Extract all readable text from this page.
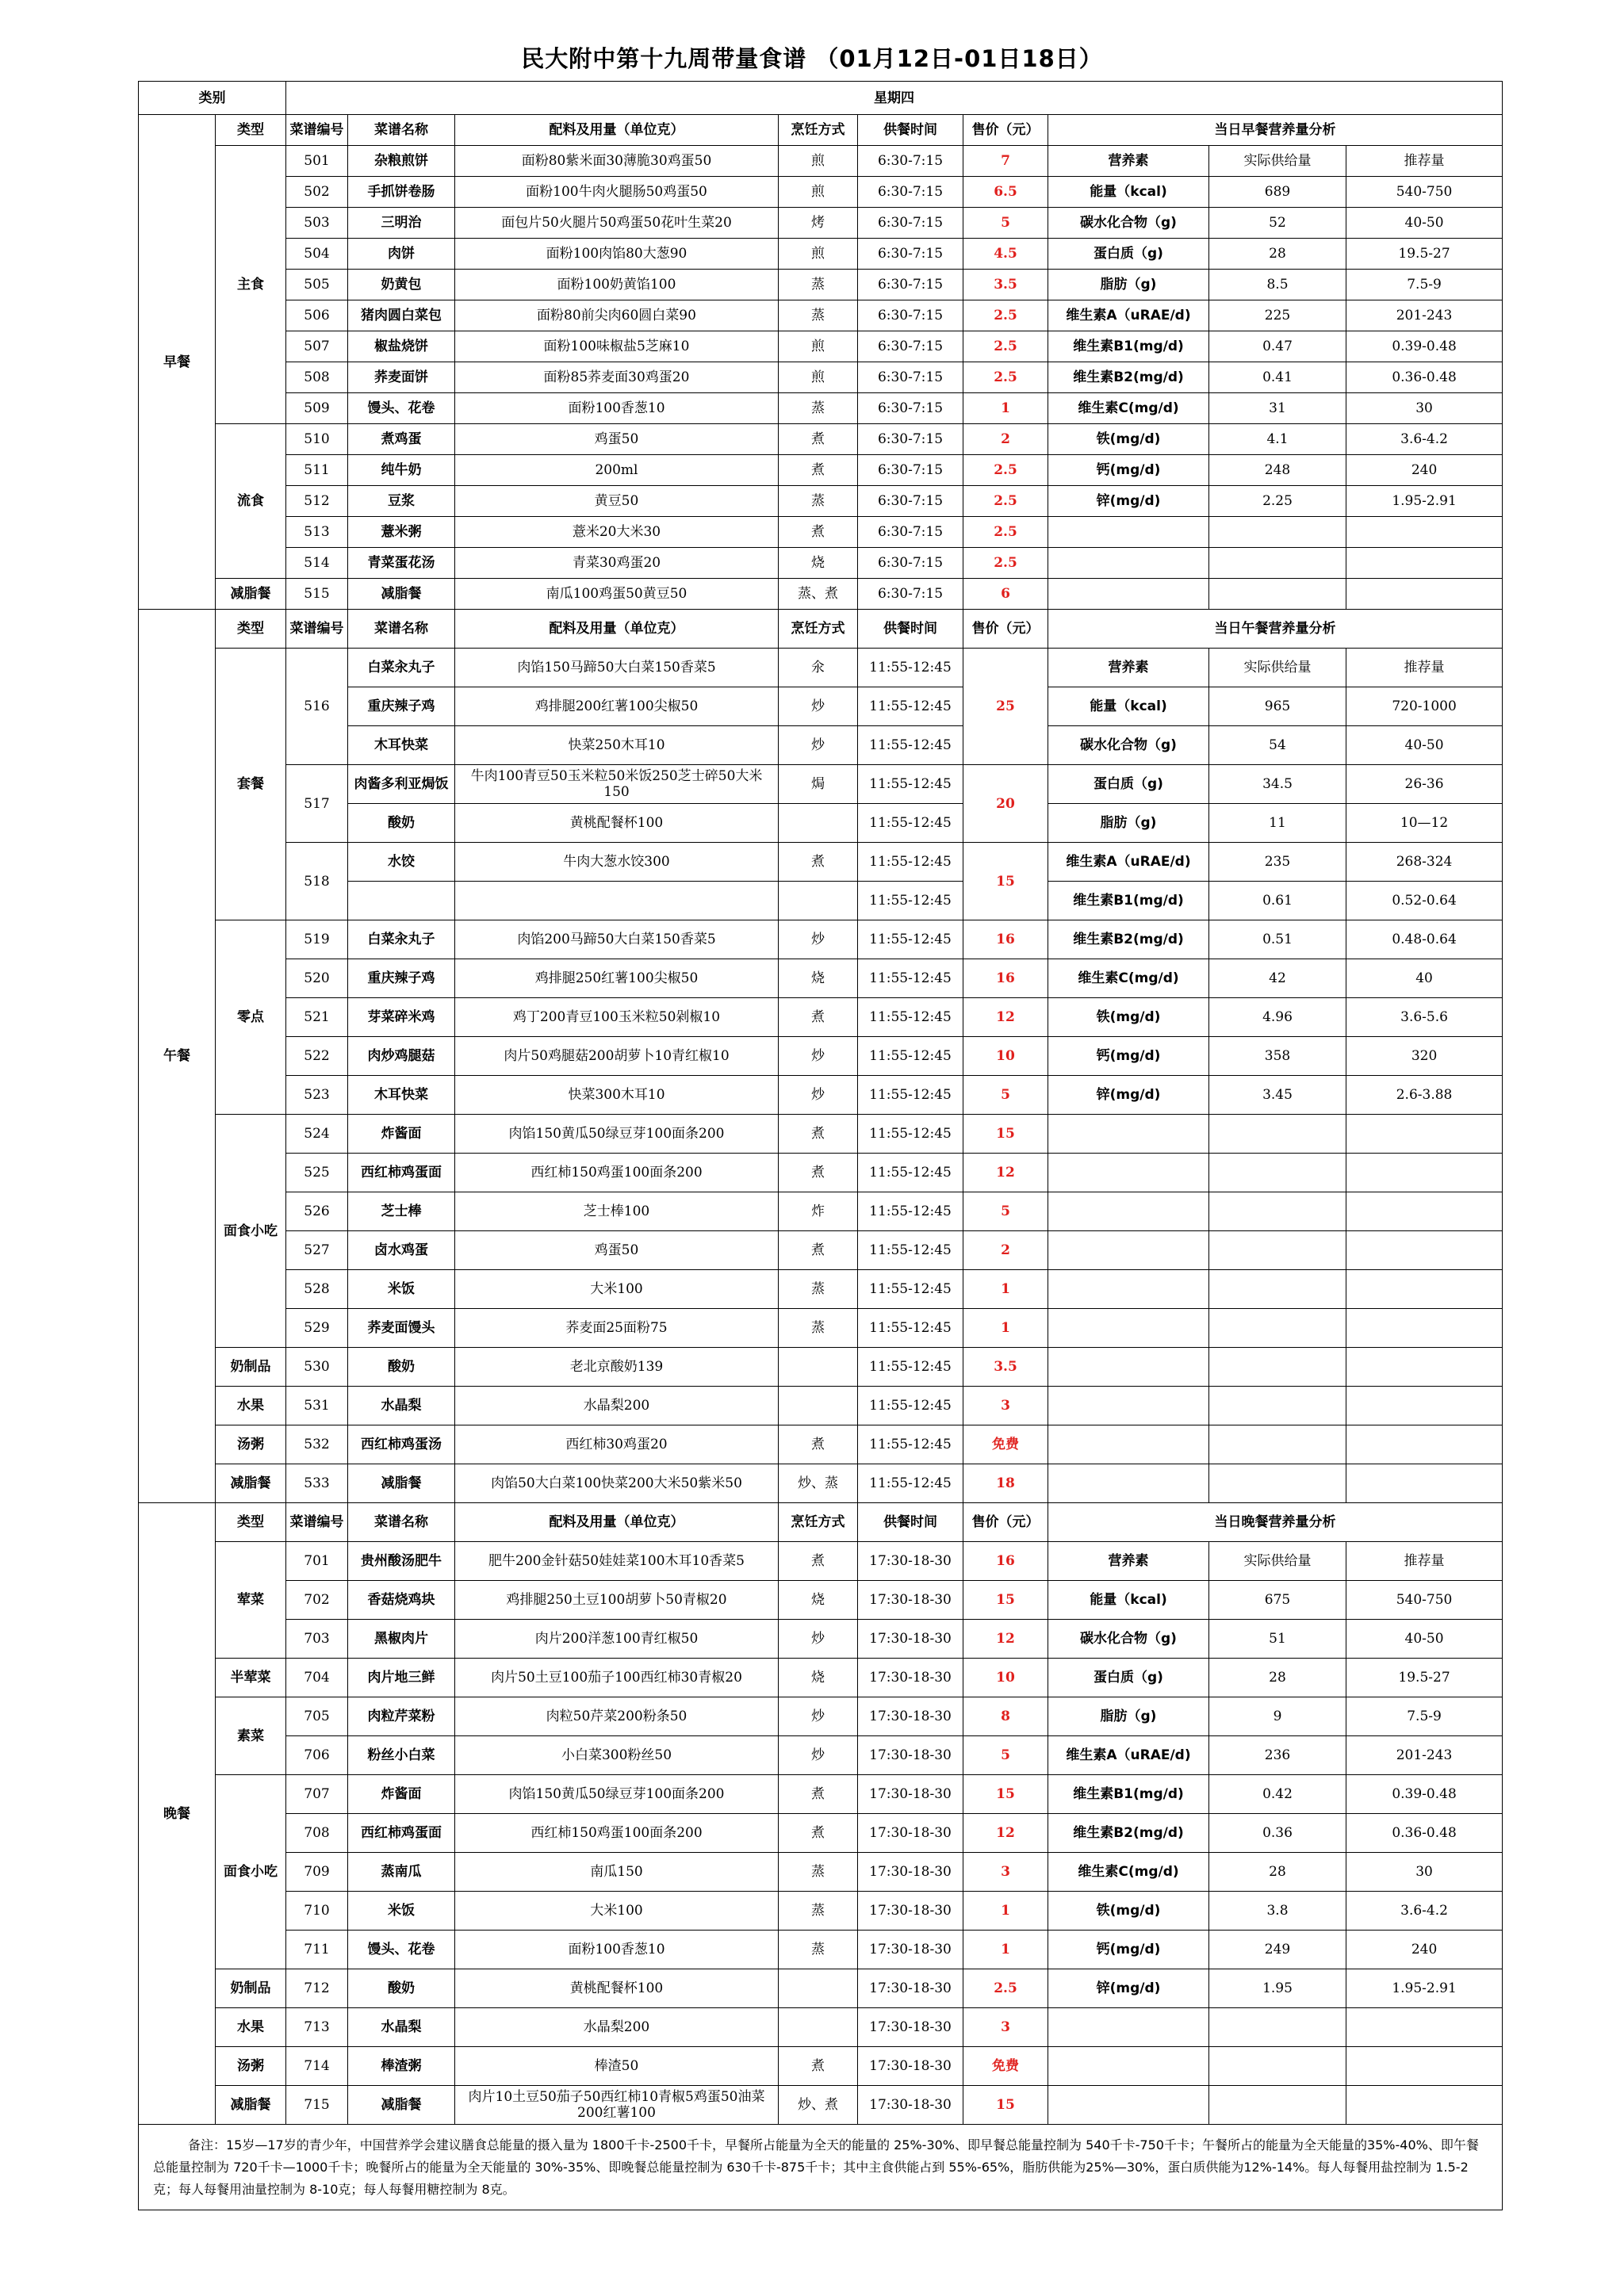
民大附中第十九周带量食谱 （01月12日-01日18日）
类别		星期四								
早餐	类型	菜谱编号	菜谱名称	配料及用量（单位克）	烹饪方式	供餐时间	售价（元）	当日早餐营养量分析		
	主食	501	杂粮煎饼	面粉80紫米面30薄脆30鸡蛋50	煎	6:30-7:15	7	营养素	实际供给量	推荐量
		502	手抓饼卷肠	面粉100牛肉火腿肠50鸡蛋50	煎	6:30-7:15	6.5	能量（kcal)	689	540-750
		503	三明治	面包片50火腿片50鸡蛋50花叶生菜20	烤	6:30-7:15	5	碳水化合物（g)	52	40-50
		504	肉饼	面粉100肉馅80大葱90	煎	6:30-7:15	4.5	蛋白质（g)	28	19.5-27
		505	奶黄包	面粉100奶黄馅100	蒸	6:30-7:15	3.5	脂肪（g)	8.5	7.5-9
		506	猪肉圆白菜包	面粉80前尖肉60圆白菜90	蒸	6:30-7:15	2.5	维生素A（uRAE/d)	225	201-243
		507	椒盐烧饼	面粉100味椒盐5芝麻10	煎	6:30-7:15	2.5	维生素B1(mg/d)	0.47	0.39-0.48
		508	荞麦面饼	面粉85荞麦面30鸡蛋20	煎	6:30-7:15	2.5	维生素B2(mg/d)	0.41	0.36-0.48
		509	馒头、花卷	面粉100香葱10	蒸	6:30-7:15	1	维生素C(mg/d)	31	30
	流食	510	煮鸡蛋	鸡蛋50	煮	6:30-7:15	2	铁(mg/d)	4.1	3.6-4.2
		511	纯牛奶	200ml	煮	6:30-7:15	2.5	钙(mg/d)	248	240
		512	豆浆	黄豆50	蒸	6:30-7:15	2.5	锌(mg/d)	2.25	1.95-2.91
		513	薏米粥	薏米20大米30	煮	6:30-7:15	2.5			
		514	青菜蛋花汤	青菜30鸡蛋20	烧	6:30-7:15	2.5			
	减脂餐	515	减脂餐	南瓜100鸡蛋50黄豆50	蒸、煮	6:30-7:15	6			
午餐	类型	菜谱编号	菜谱名称	配料及用量（单位克）	烹饪方式	供餐时间	售价（元）	当日午餐营养量分析		
	套餐	516	白菜汆丸子	肉馅150马蹄50大白菜150香菜5	氽	11:55-12:45	25	营养素	实际供给量	推荐量
			重庆辣子鸡	鸡排腿200红薯100尖椒50	炒	11:55-12:45		能量（kcal)	965	720-1000
			木耳快菜	快菜250木耳10	炒	11:55-12:45		碳水化合物（g)	54	40-50
		517	肉酱多利亚焗饭	牛肉100青豆50玉米粒50米饭250芝士碎50大米150	焗	11:55-12:45	20	蛋白质（g)	34.5	26-36
			酸奶	黄桃配餐杯100		11:55-12:45		脂肪（g)	11	10—12
		518	水饺	牛肉大葱水饺300	煮	11:55-12:45	15	维生素A（uRAE/d)	235	268-324
						11:55-12:45		维生素B1(mg/d)	0.61	0.52-0.64
	零点	519	白菜汆丸子	肉馅200马蹄50大白菜150香菜5	炒	11:55-12:45	16	维生素B2(mg/d)	0.51	0.48-0.64
		520	重庆辣子鸡	鸡排腿250红薯100尖椒50	烧	11:55-12:45	16	维生素C(mg/d)	42	40
		521	芽菜碎米鸡	鸡丁200青豆100玉米粒50剁椒10	煮	11:55-12:45	12	铁(mg/d)	4.96	3.6-5.6
		522	肉炒鸡腿菇	肉片50鸡腿菇200胡萝卜10青红椒10	炒	11:55-12:45	10	钙(mg/d)	358	320
		523	木耳快菜	快菜300木耳10	炒	11:55-12:45	5	锌(mg/d)	3.45	2.6-3.88
	面食小吃	524	炸酱面	肉馅150黄瓜50绿豆芽100面条200	煮	11:55-12:45	15			
		525	西红柿鸡蛋面	西红柿150鸡蛋100面条200	煮	11:55-12:45	12			
		526	芝士棒	芝士棒100	炸	11:55-12:45	5			
		527	卤水鸡蛋	鸡蛋50	煮	11:55-12:45	2			
		528	米饭	大米100	蒸	11:55-12:45	1			
		529	荞麦面馒头	荞麦面25面粉75	蒸	11:55-12:45	1			
	奶制品	530	酸奶	老北京酸奶139		11:55-12:45	3.5			
	水果	531	水晶梨	水晶梨200		11:55-12:45	3			
	汤粥	532	西红柿鸡蛋汤	西红柿30鸡蛋20	煮	11:55-12:45	免费			
	减脂餐	533	减脂餐	肉馅50大白菜100快菜200大米50紫米50	炒、蒸	11:55-12:45	18			
晚餐	类型	菜谱编号	菜谱名称	配料及用量（单位克）	烹饪方式	供餐时间	售价（元）	当日晚餐营养量分析		
	荤菜	701	贵州酸汤肥牛	肥牛200金针菇50娃娃菜100木耳10香菜5	煮	17:30-18-30	16	营养素	实际供给量	推荐量
		702	香菇烧鸡块	鸡排腿250土豆100胡萝卜50青椒20	烧	17:30-18-30	15	能量（kcal)	675	540-750
		703	黑椒肉片	肉片200洋葱100青红椒50	炒	17:30-18-30	12	碳水化合物（g)	51	40-50
	半荤菜	704	肉片地三鲜	肉片50土豆100茄子100西红柿30青椒20	烧	17:30-18-30	10	蛋白质（g)	28	19.5-27
	素菜	705	肉粒芹菜粉	肉粒50芹菜200粉条50	炒	17:30-18-30	8	脂肪（g)	9	7.5-9
		706	粉丝小白菜	小白菜300粉丝50	炒	17:30-18-30	5	维生素A（uRAE/d)	236	201-243
	面食小吃	707	炸酱面	肉馅150黄瓜50绿豆芽100面条200	煮	17:30-18-30	15	维生素B1(mg/d)	0.42	0.39-0.48
		708	西红柿鸡蛋面	西红柿150鸡蛋100面条200	煮	17:30-18-30	12	维生素B2(mg/d)	0.36	0.36-0.48
		709	蒸南瓜	南瓜150	蒸	17:30-18-30	3	维生素C(mg/d)	28	30
		710	米饭	大米100	蒸	17:30-18-30	1	铁(mg/d)	3.8	3.6-4.2
		711	馒头、花卷	面粉100香葱10	蒸	17:30-18-30	1	钙(mg/d)	249	240
	奶制品	712	酸奶	黄桃配餐杯100		17:30-18-30	2.5	锌(mg/d)	1.95	1.95-2.91
	水果	713	水晶梨	水晶梨200		17:30-18-30	3			
	汤粥	714	棒渣粥	棒渣50	煮	17:30-18-30	免费			
	减脂餐	715	减脂餐	肉片10土豆50茄子50西红柿10青椒5鸡蛋50油菜200红薯100	炒、煮	17:30-18-30	15			
备注：15岁—17岁的青少年，中国营养学会建议膳食总能量的摄入量为 1800千卡-2500千卡，早餐所占能量为全天的能量的 25%-30%、即早餐总能量控制为 540千卡-750千卡；午餐所占的能量为全天能量的35%-40%、即午餐总能量控制为 720千卡—1000千卡；晚餐所占的能量为全天能量的 30%-35%、即晚餐总能量控制为 630千卡-875千卡；其中主食供能占到 55%-65%，脂肪供能为25%—30%，蛋白质供能为12%-14%。每人每餐用盐控制为 1.5-2克；每人每餐用油量控制为 8-10克；每人每餐用糖控制为 8克。										
